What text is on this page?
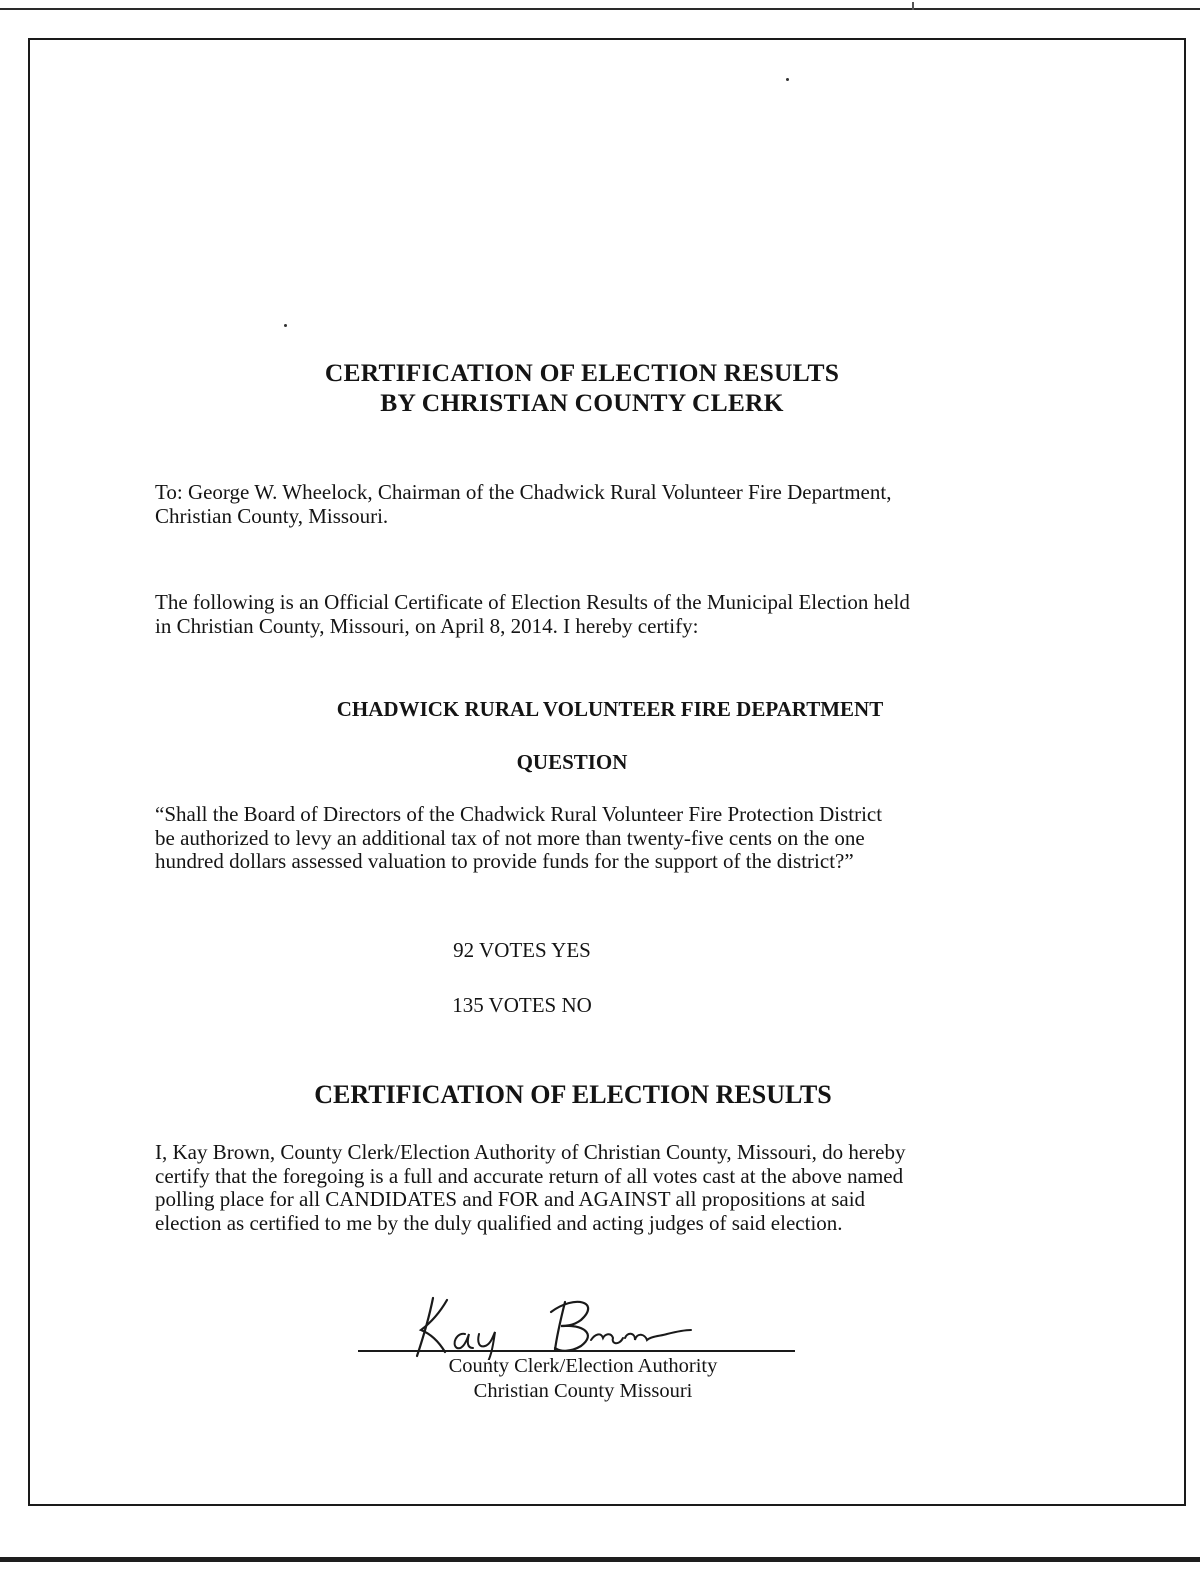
CERTIFICATION OF ELECTION RESULTS
BY CHRISTIAN COUNTY CLERK
To: George W. Wheelock, Chairman of the Chadwick Rural Volunteer Fire Department,
Christian County, Missouri.
The following is an Official Certificate of Election Results of the Municipal Election held
in Christian County, Missouri, on April 8, 2014. I hereby certify:
CHADWICK RURAL VOLUNTEER FIRE DEPARTMENT
QUESTION
“Shall the Board of Directors of the Chadwick Rural Volunteer Fire Protection District
be authorized to levy an additional tax of not more than twenty-five cents on the one
hundred dollars assessed valuation to provide funds for the support of the district?”
92 VOTES YES
135 VOTES NO
CERTIFICATION OF ELECTION RESULTS
I, Kay Brown, County Clerk/Election Authority of Christian County, Missouri, do hereby
certify that the foregoing is a full and accurate return of all votes cast at the above named
polling place for all CANDIDATES and FOR and AGAINST all propositions at said
election as certified to me by the duly qualified and acting judges of said election.
County Clerk/Election Authority
Christian County Missouri
